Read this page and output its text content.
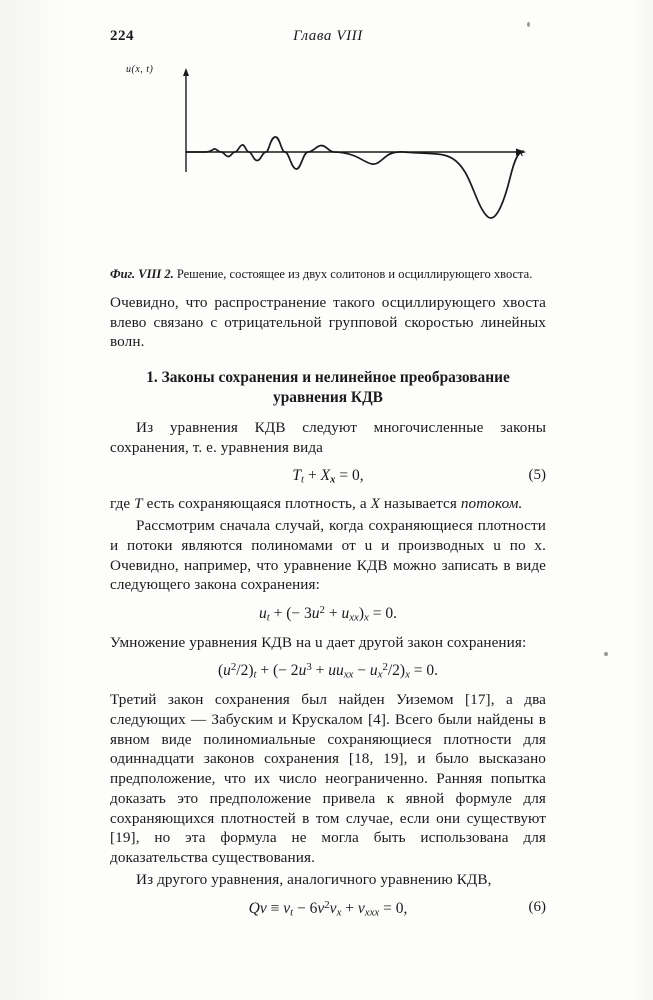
224	Глава VIII
u(x, t)
x
Фиг. VIII 2. Решение, состоящее из двух солитонов и осциллирующего хвоста.

Очевидно, что распространение такого осциллирующего хвоста влево связано с отрицательной групповой скоростью линейных волн.

1. Законы сохранения и нелинейное преобразование
уравнения КДВ

Из уравнения КДВ следуют многочисленные законы сохранения, т. е. уравнения вида

$T_t + X_x = 0$,	(5)

где T есть сохраняющаяся плотность, а X называется потоком.

Рассмотрим сначала случай, когда сохраняющиеся плотности и потоки являются полиномами от u и производных u по x. Очевидно, например, что уравнение КДВ можно записать в виде следующего закона сохранения:

$u_t$ + (− $3u^2 + u_{xx})_x = 0$.

Умножение уравнения КДВ на u дает другой закон сохранения:

$(u^2/2)_t$ + (− $2u^3 + uu_{xx} - u_x^2/2)_x = 0$.

Третий закон сохранения был найден Уиземом [17], а два следующих — Забуским и Крускалом [4]. Всего были найдены в явном виде полиномиальные сохраняющиеся плотности для одиннадцати законов сохранения [18, 19], и было высказано предположение, что их число неограниченно. Ранняя попытка доказать это предположение привела к явной формуле для сохраняющихся плотностей в том случае, если они существуют [19], но эта формула не могла быть использована для доказательства существования.

Из другого уравнения, аналогичного уравнению КДВ,

$Qv \equiv v_t - 6v^2v_x + v_{xxx} = 0$,	(6)
